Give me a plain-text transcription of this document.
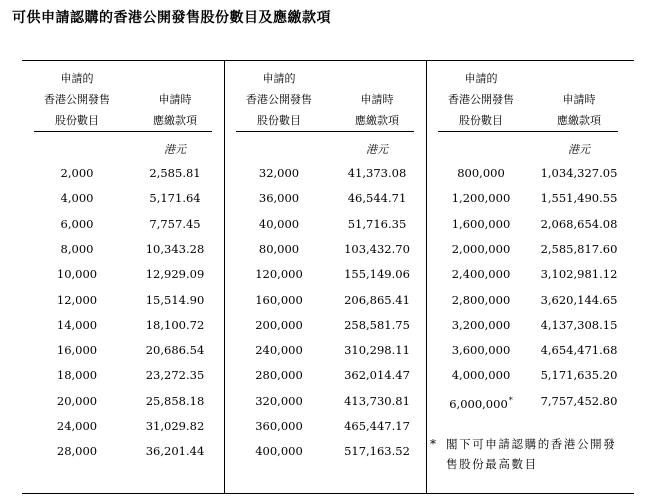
可供申請認購的香港公開發售股份數目及應繳款項
* 閣下可申請認購的香港公開發售股份最高數目
申請的
香港公開發售
股份數目
申請時
應繳款項
港元
2,000	2,585.81
4,000	5,171.64
6,000	7,757.45
8,000	10,343.28
10,000	12,929.09
12,000	15,514.90
14,000	18,100.72
16,000	20,686.54
18,000	23,272.35
20,000	25,858.18
24,000	31,029.82
28,000	36,201.44
申請的
香港公開發售
股份數目
申請時
應繳款項
港元
32,000	41,373.08
36,000	46,544.71
40,000	51,716.35
80,000	103,432.70
120,000	155,149.06
160,000	206,865.41
200,000	258,581.75
240,000	310,298.11
280,000	362,014.47
320,000	413,730.81
360,000	465,447.17
400,000	517,163.52
申請的
香港公開發售
股份數目
申請時
應繳款項
港元
800,000	1,034,327.05
1,200,000	1,551,490.55
1,600,000	2,068,654.08
2,000,000	2,585,817.60
2,400,000	3,102,981.12
2,800,000	3,620,144.65
3,200,000	4,137,308.15
3,600,000	4,654,471.68
4,000,000	5,171,635.20
6,000,000*	7,757,452.80
